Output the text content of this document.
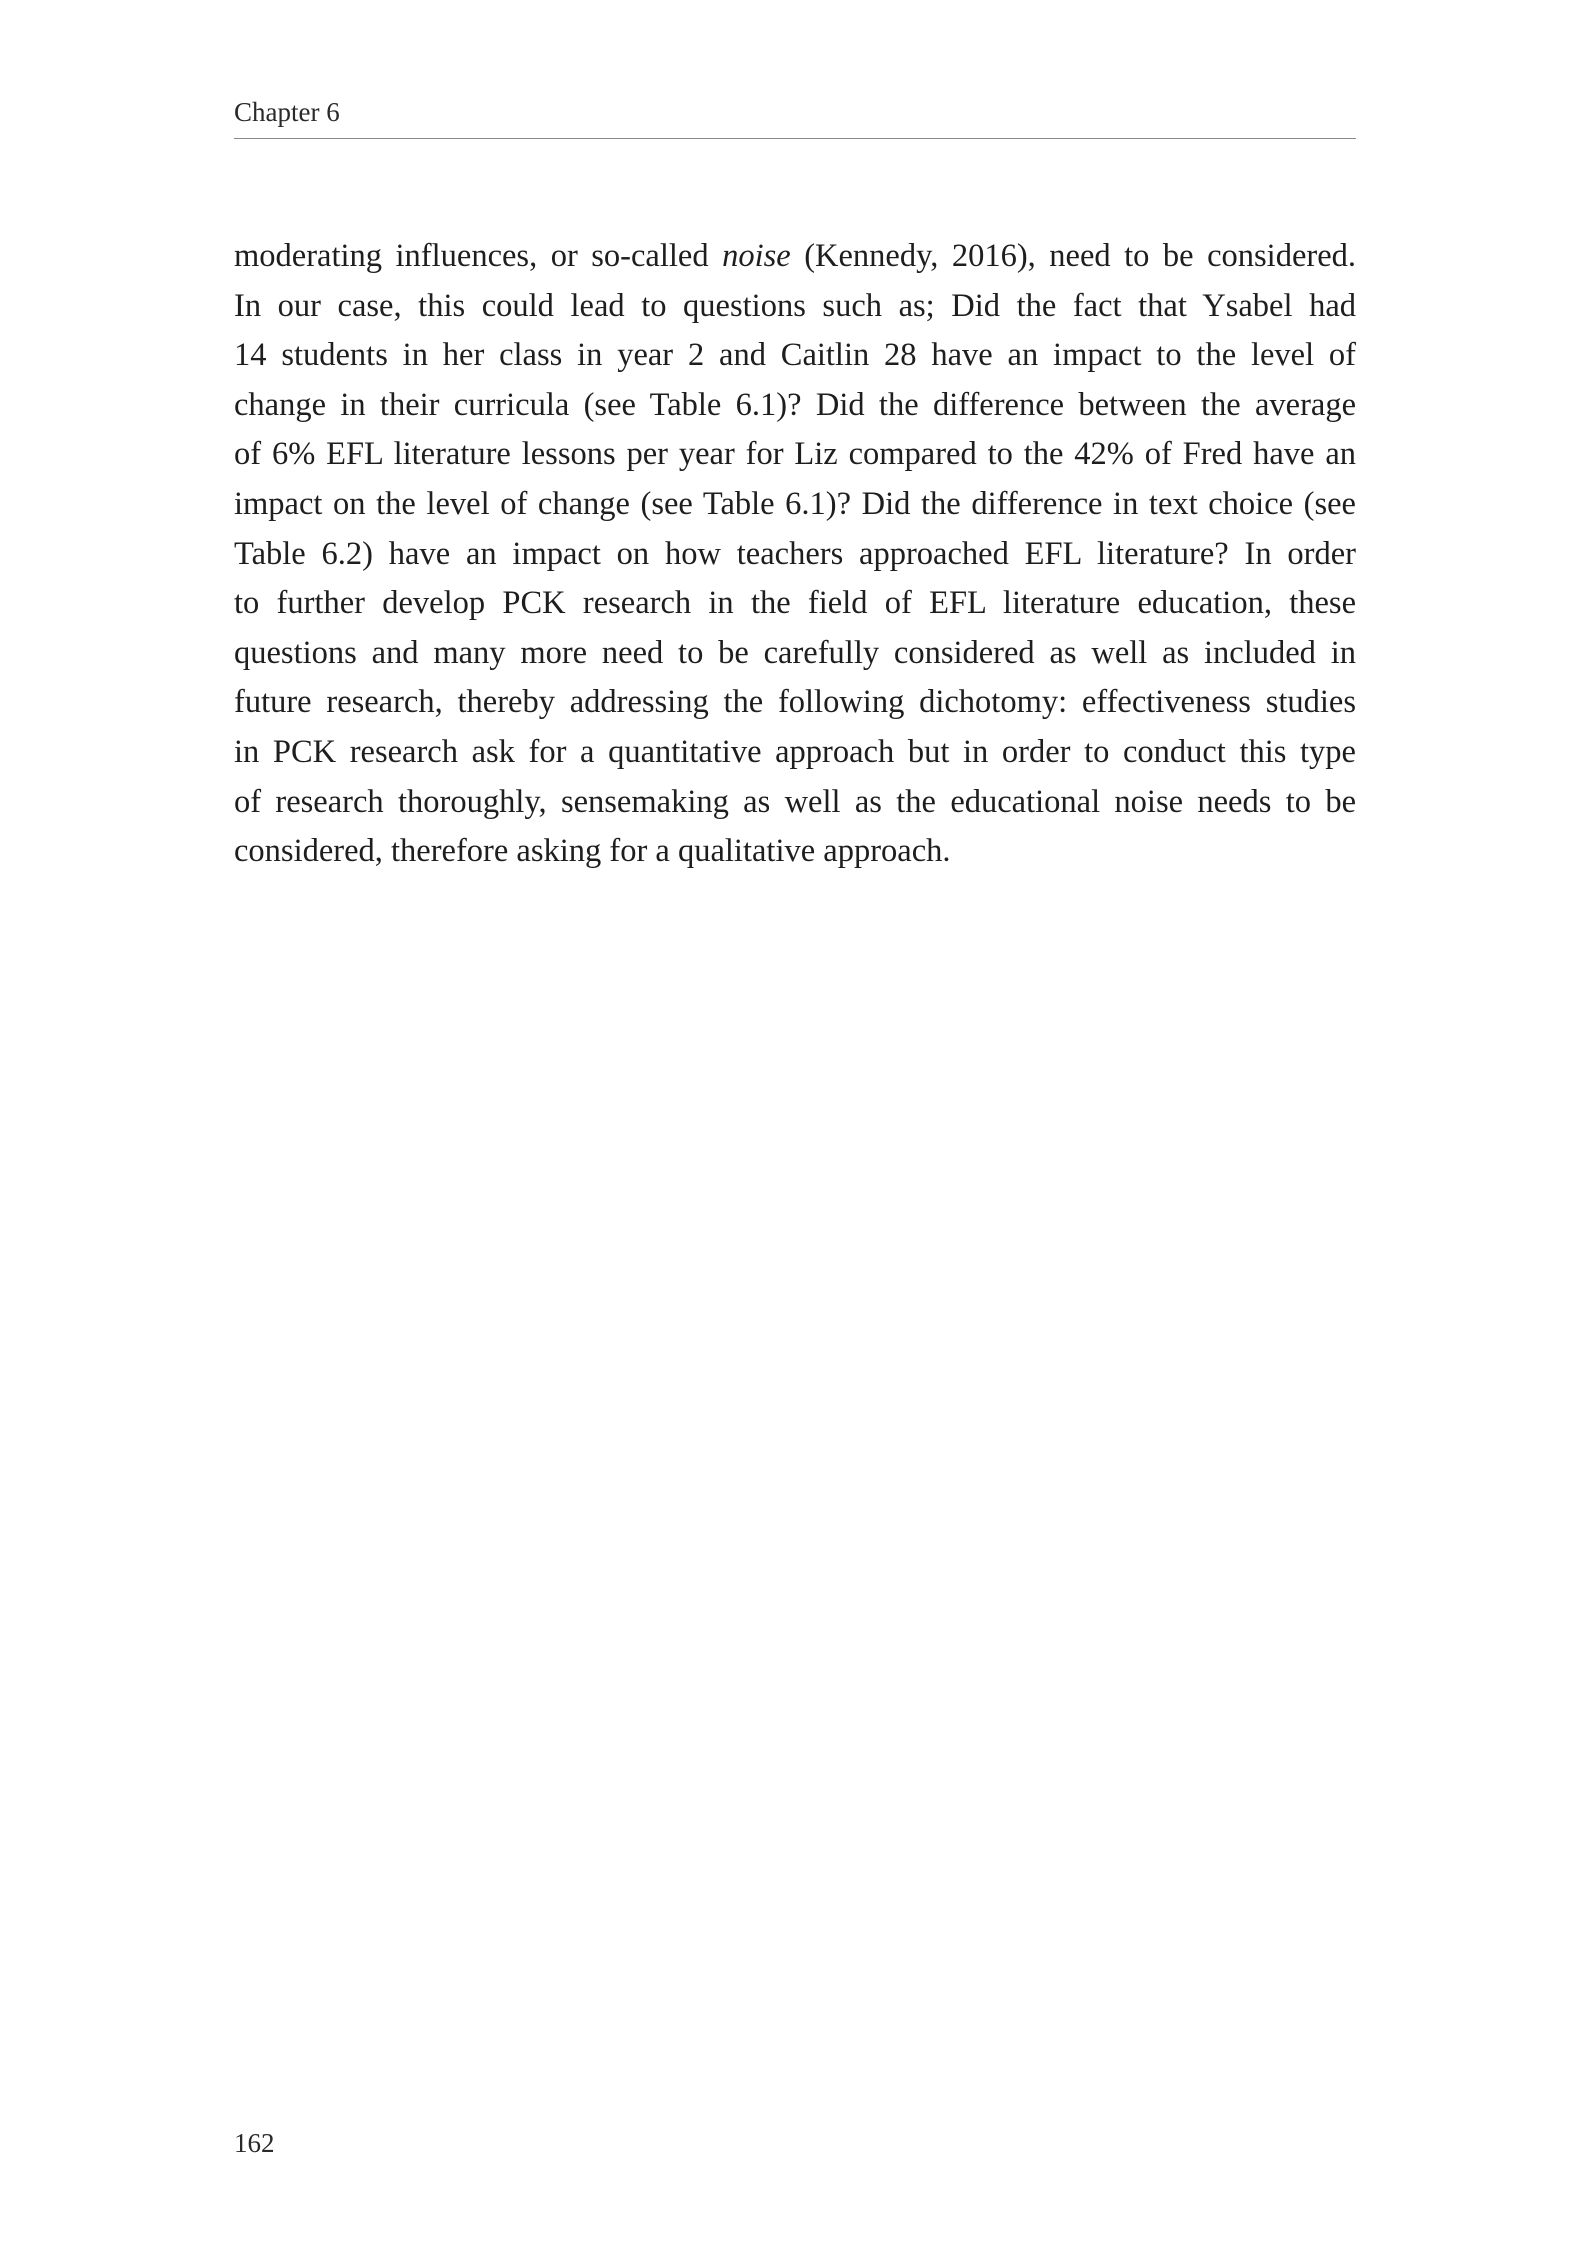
Chapter 6
moderating influences, or so-called noise (Kennedy, 2016), need to be considered.
In our case, this could lead to questions such as; Did the fact that Ysabel had
14 students in her class in year 2 and Caitlin 28 have an impact to the level of
change in their curricula (see Table 6.1)? Did the difference between the average
of 6% EFL literature lessons per year for Liz compared to the 42% of Fred have an
impact on the level of change (see Table 6.1)? Did the difference in text choice (see
Table 6.2) have an impact on how teachers approached EFL literature? In order
to further develop PCK research in the field of EFL literature education, these
questions and many more need to be carefully considered as well as included in
future research, thereby addressing the following dichotomy: effectiveness studies
in PCK research ask for a quantitative approach but in order to conduct this type
of research thoroughly, sensemaking as well as the educational noise needs to be
considered, therefore asking for a qualitative approach.
162
